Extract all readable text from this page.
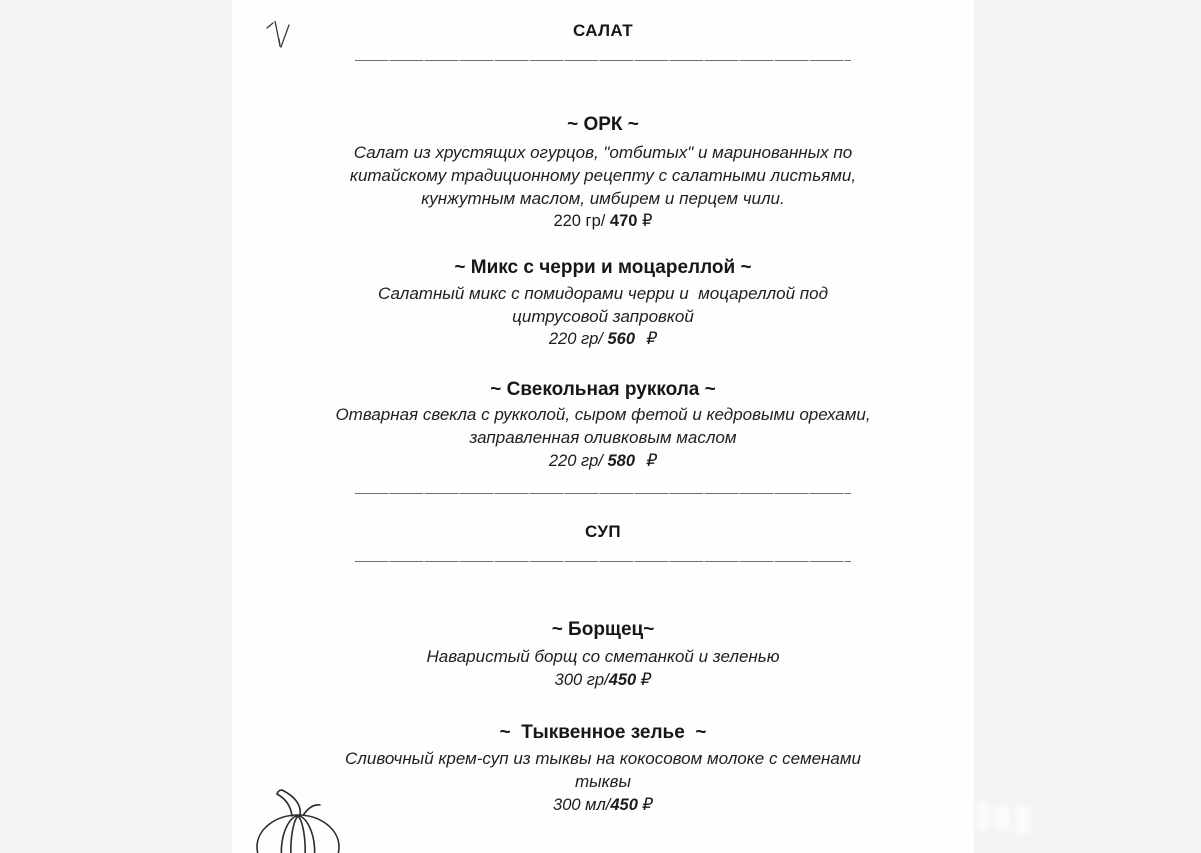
САЛАТ
~ ОРК ~
Салат из хрустящих огурцов, "отбитых" и маринованных по
китайскому традиционному рецепту с салатными листьями,
кунжутным маслом, имбирем и перцем чили.
220 гр/ 470 ₽
~ Микс с черри и моцареллой ~
Салатный микс с помидорами черри и  моцареллой под
цитрусовой запровкой
220 гр/ 560 ₽
~ Свекольная руккола ~
Отварная свекла с рукколой, сыром фетой и кедровыми орехами,
заправленная оливковым маслом
220 гр/ 580 ₽
СУП
~ Борщец~
Наваристый борщ со сметанкой и зеленью
300 гр/450 ₽
~  Тыквенное зелье  ~
Сливочный крем-суп из тыквы на кокосовом молоке с семенами
тыквы
300 мл/450 ₽
